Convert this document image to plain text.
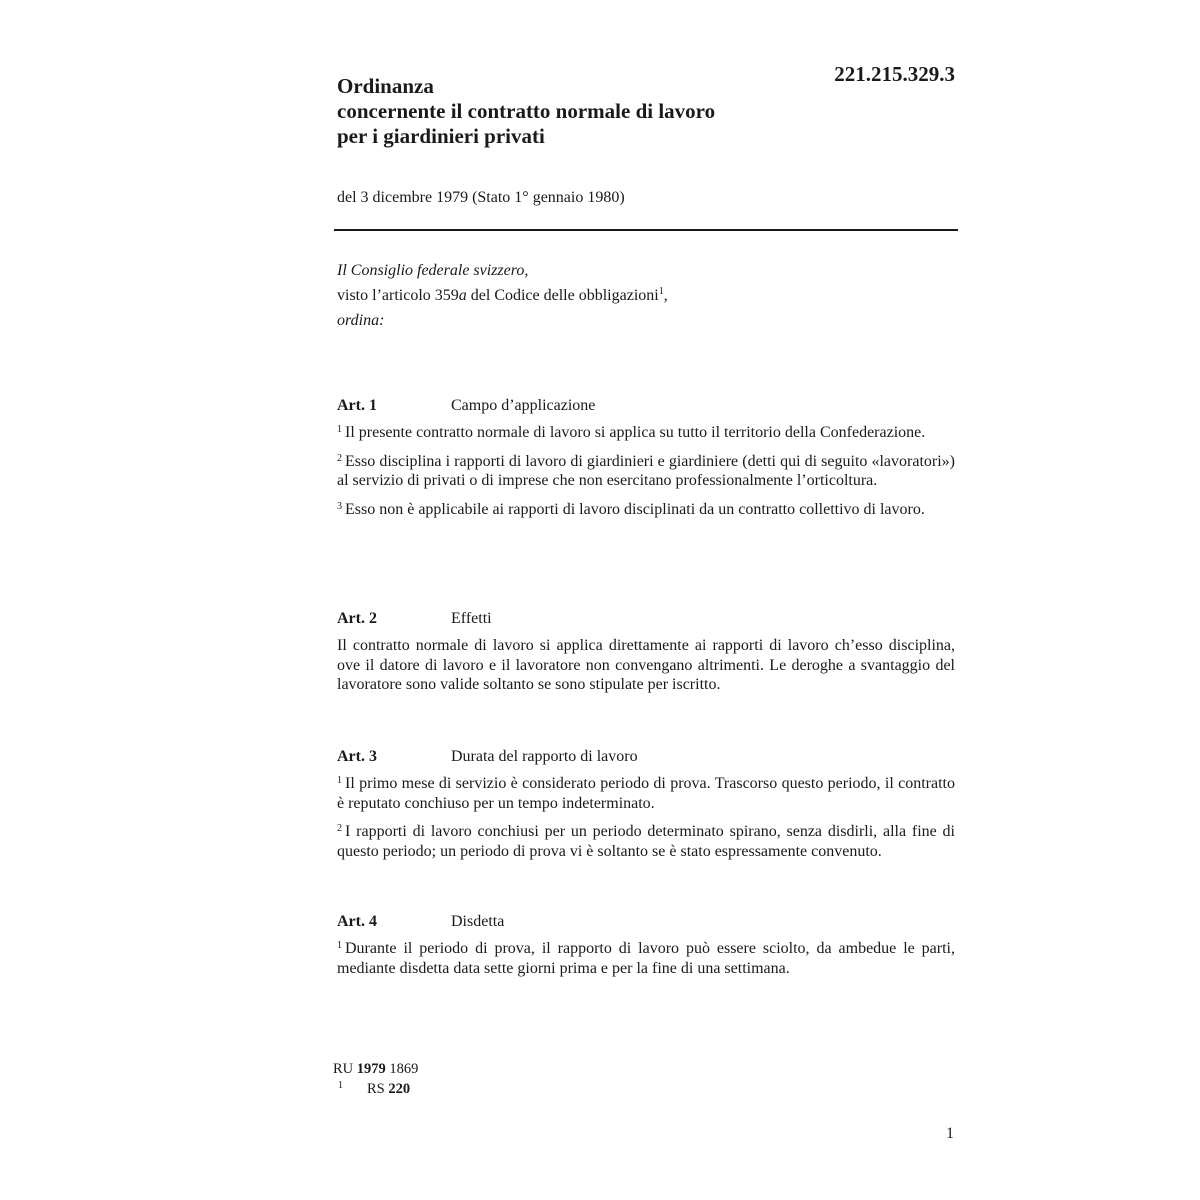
221.215.329.3
Ordinanza
concernente il contratto normale di lavoro
per i giardinieri privati
del 3 dicembre 1979 (Stato 1° gennaio 1980)
Il Consiglio federale svizzero,
visto l’articolo 359a del Codice delle obbligazioni$^1$,
ordina:
Art. 1	Campo d’applicazione
$^1$ Il presente contratto normale di lavoro si applica su tutto il territorio della Confederazione.
$^2$ Esso disciplina i rapporti di lavoro di giardinieri e giardiniere (detti qui di seguito «lavoratori») al servizio di privati o di imprese che non esercitano professionalmente l’orticoltura.
$^3$ Esso non è applicabile ai rapporti di lavoro disciplinati da un contratto collettivo di lavoro.
Art. 2	Effetti
Il contratto normale di lavoro si applica direttamente ai rapporti di lavoro ch’esso disciplina, ove il datore di lavoro e il lavoratore non convengano altrimenti. Le deroghe a svantaggio del lavoratore sono valide soltanto se sono stipulate per iscritto.
Art. 3	Durata del rapporto di lavoro
$^1$ Il primo mese di servizio è considerato periodo di prova. Trascorso questo periodo, il contratto è reputato conchiuso per un tempo indeterminato.
$^2$ I rapporti di lavoro conchiusi per un periodo determinato spirano, senza disdirli, alla fine di questo periodo; un periodo di prova vi è soltanto se è stato espressamente convenuto.
Art. 4	Disdetta
$^1$ Durante il periodo di prova, il rapporto di lavoro può essere sciolto, da ambedue le parti, mediante disdetta data sette giorni prima e per la fine di una settimana.
RU 1979 1869
1 RS 220
1
